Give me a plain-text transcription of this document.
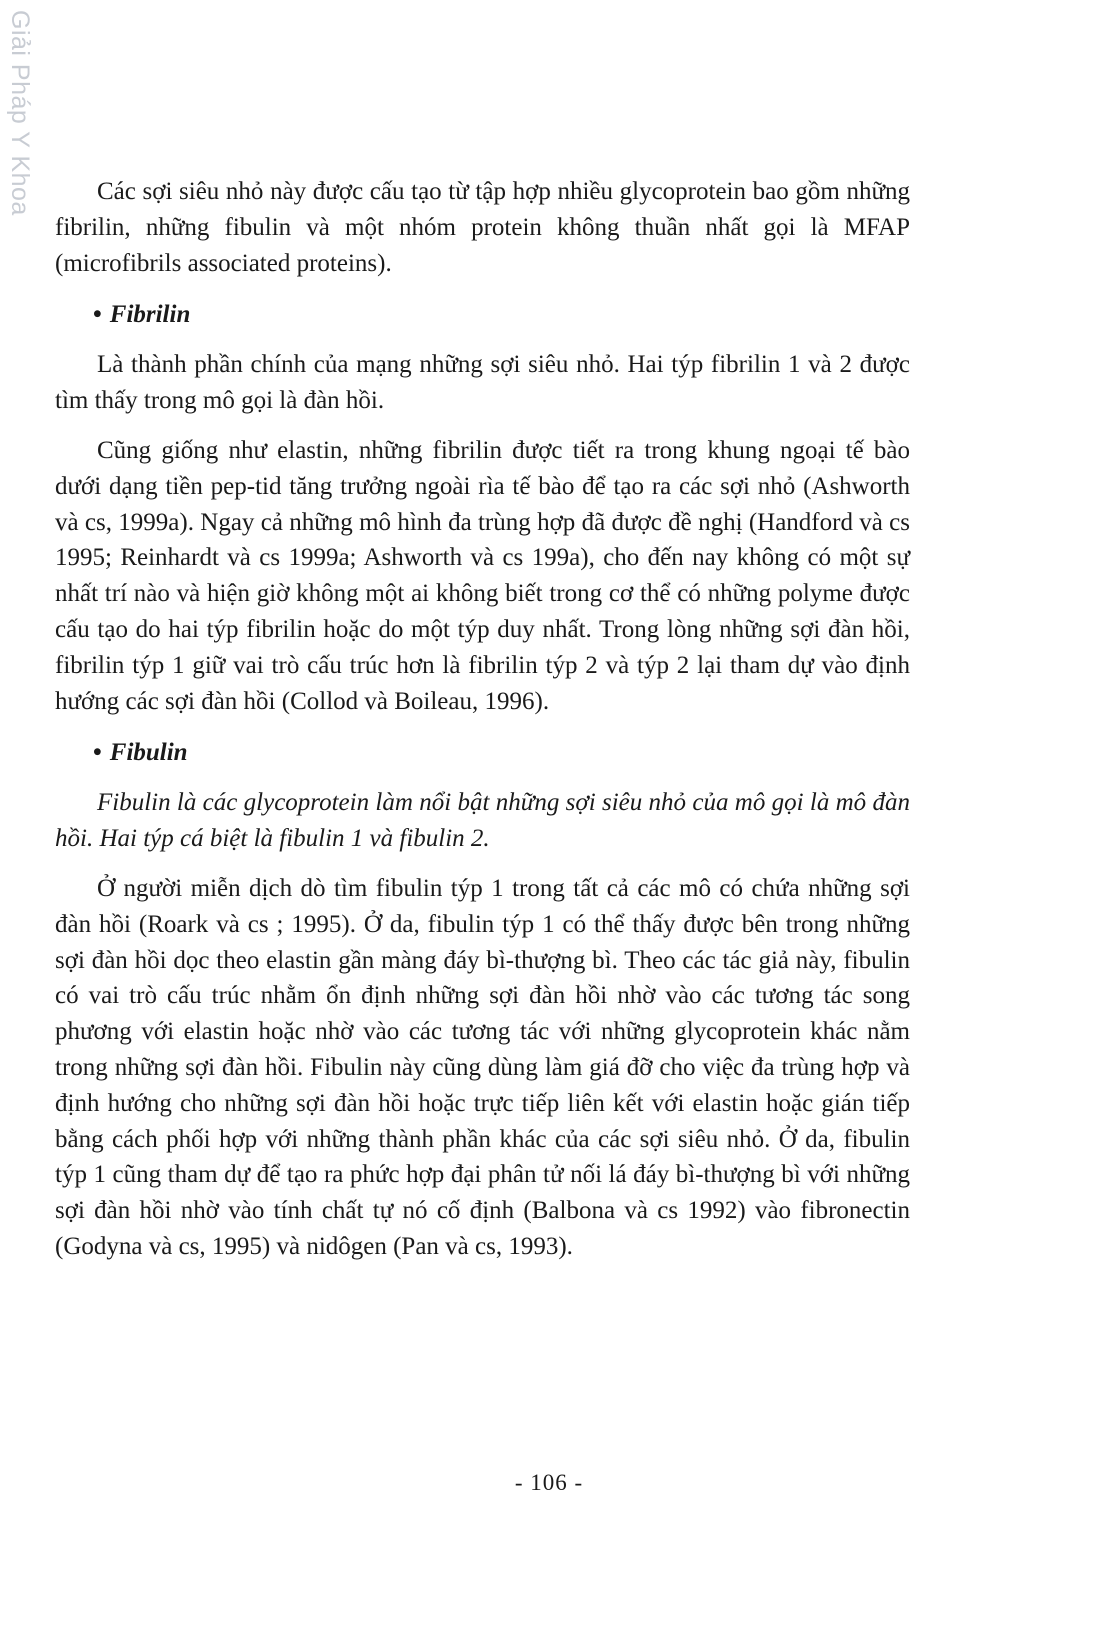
Giải Pháp Y Khoa	Các sợi siêu nhỏ này được cấu tạo từ tập hợp nhiều glycoprotein bao gồm những fibrilin, những fibulin và một nhóm protein không thuần nhất gọi là MFAP (microfibrils associated proteins).

• Fibrilin

Là thành phần chính của mạng những sợi siêu nhỏ. Hai týp fibrilin 1 và 2 được tìm thấy trong mô gọi là đàn hồi.

Cũng giống như elastin, những fibrilin được tiết ra trong khung ngoại tế bào dưới dạng tiền pep-tid tăng trưởng ngoài rìa tế bào để tạo ra các sợi nhỏ (Ashworth và cs, 1999a). Ngay cả những mô hình đa trùng hợp đã được đề nghị (Handford và cs 1995; Reinhardt và cs 1999a; Ashworth và cs 199a), cho đến nay không có một sự nhất trí nào và hiện giờ không một ai không biết trong cơ thể có những polyme được cấu tạo do hai týp fibrilin hoặc do một týp duy nhất. Trong lòng những sợi đàn hồi, fibrilin týp 1 giữ vai trò cấu trúc hơn là fibrilin týp 2 và týp 2 lại tham dự vào định hướng các sợi đàn hồi (Collod và Boileau, 1996).

• Fibulin

Fibulin là các glycoprotein làm nổi bật những sợi siêu nhỏ của mô gọi là mô đàn hồi. Hai týp cá biệt là fibulin 1 và fibulin 2.

Ở người miễn dịch dò tìm fibulin týp 1 trong tất cả các mô có chứa những sợi đàn hồi (Roark và cs ; 1995). Ở da, fibulin týp 1 có thể thấy được bên trong những sợi đàn hồi dọc theo elastin gần màng đáy bì-thượng bì. Theo các tác giả này, fibulin có vai trò cấu trúc nhằm ổn định những sợi đàn hồi nhờ vào các tương tác song phương với elastin hoặc nhờ vào các tương tác với những glycoprotein khác nằm trong những sợi đàn hồi. Fibulin này cũng dùng làm giá đỡ cho việc đa trùng hợp và định hướng cho những sợi đàn hồi hoặc trực tiếp liên kết với elastin hoặc gián tiếp bằng cách phối hợp với những thành phần khác của các sợi siêu nhỏ. Ở da, fibulin týp 1 cũng tham dự để tạo ra phức hợp đại phân tử nối lá đáy bì-thượng bì với những sợi đàn hồi nhờ vào tính chất tự nó cố định (Balbona và cs 1992) vào fibronectin (Godyna và cs, 1995) và nidôgen (Pan và cs, 1993).

- 106 -
